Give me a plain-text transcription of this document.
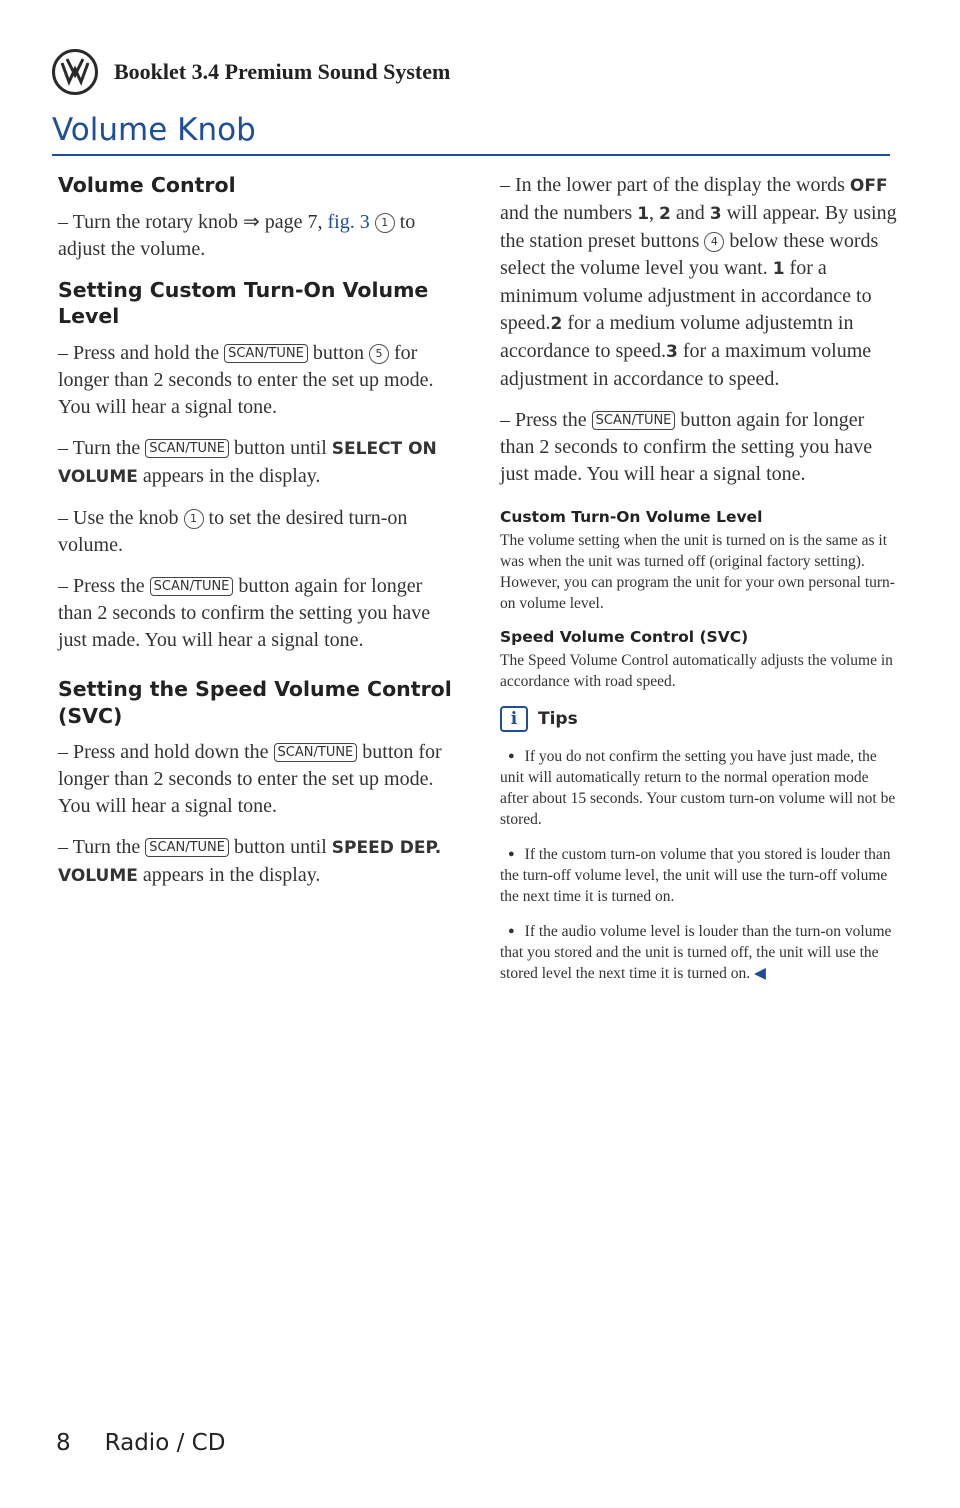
Booklet 3.4 Premium Sound System
Volume Knob
Volume Control

– Turn the rotary knob ⇒ page 7, fig. 3 1 to adjust the volume.

Setting Custom Turn-On Volume Level

– Press and hold the SCAN/TUNE button 5 for longer than 2 seconds to enter the set up mode. You will hear a signal tone.

– Turn the SCAN/TUNE button until SELECT ON VOLUME appears in the display.

– Use the knob 1 to set the desired turn-on volume.

– Press the SCAN/TUNE button again for longer than 2 seconds to confirm the setting you have just made. You will hear a signal tone.

Setting the Speed Volume Control (SVC)

– Press and hold down the SCAN/TUNE button for longer than 2 seconds to enter the set up mode. You will hear a signal tone.

– Turn the SCAN/TUNE button until SPEED DEP. VOLUME appears in the display.

– In the lower part of the display the words OFF and the numbers 1, 2 and 3 will appear. By using the station preset buttons 4 below these words select the volume level you want. 1 for a minimum volume adjustment in accordance to speed.2 for a medium volume adjustemtn in accordance to speed.3 for a maximum volume adjustment in accordance to speed.

– Press the SCAN/TUNE button again for longer than 2 seconds to confirm the setting you have just made. You will hear a signal tone.

Custom Turn-On Volume Level

The volume setting when the unit is turned on is the same as it was when the unit was turned off (original factory setting). However, you can program the unit for your own personal turn-on volume level.

Speed Volume Control (SVC)

The Speed Volume Control automatically adjusts the volume in accordance with road speed.

i	Tips

● If you do not confirm the setting you have just made, the unit will automatically return to the normal operation mode after about 15 seconds. Your custom turn-on volume will not be stored.

● If the custom turn-on volume that you stored is louder than the turn-off volume level, the unit will use the turn-off volume the next time it is turned on.

● If the audio volume level is louder than the turn-on volume that you stored and the unit is turned off, the unit will use the stored level the next time it is turned on. ◀

8 Radio / CD
